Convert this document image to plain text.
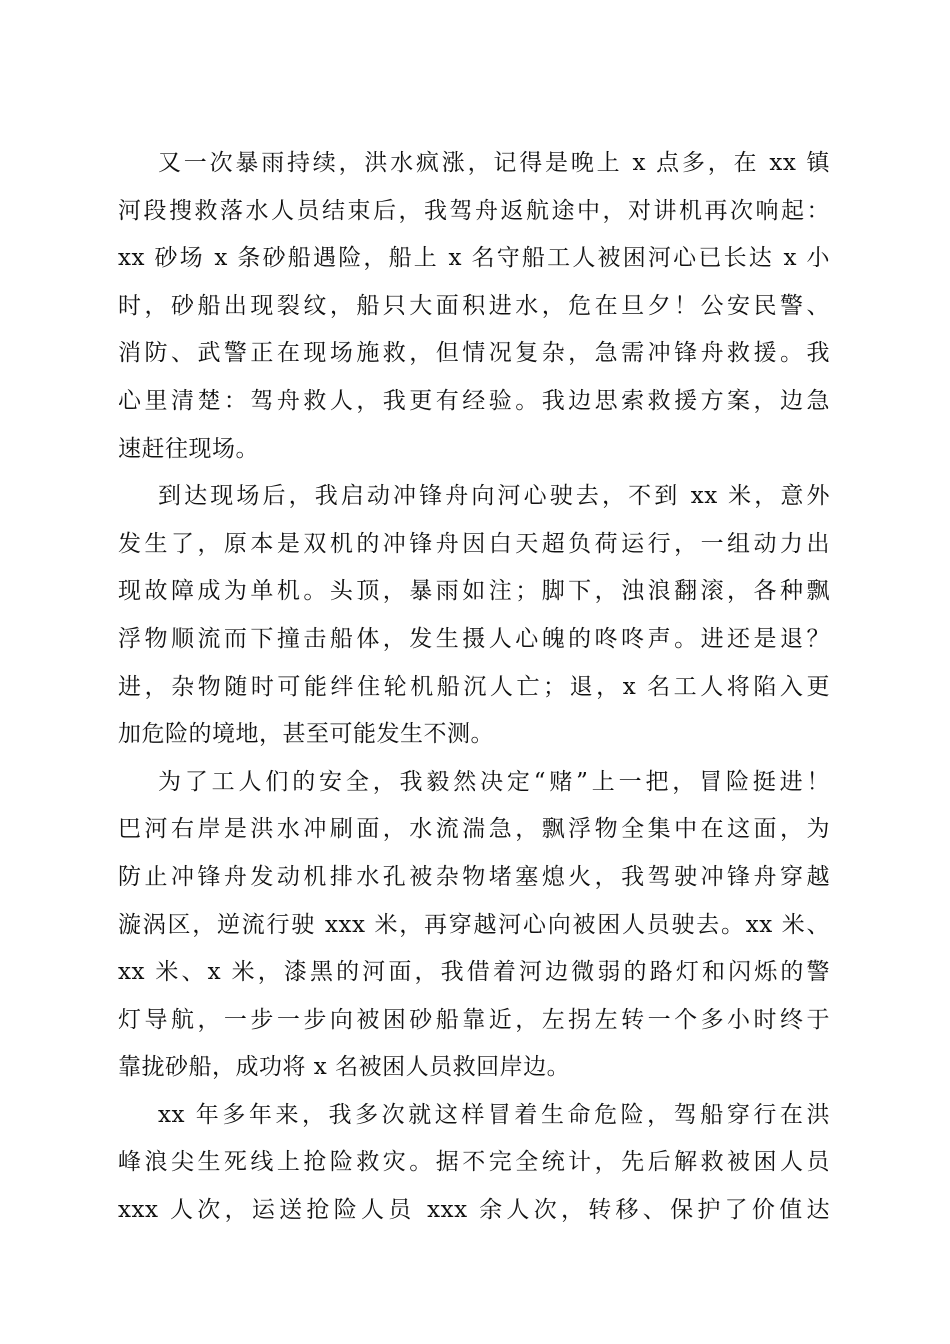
又一次暴雨持续，洪水疯涨，记得是晚上 x 点多，在 xx 镇
河段搜救落水人员结束后，我驾舟返航途中，对讲机再次响起：
xx 砂场 x 条砂船遇险，船上 x 名守船工人被困河心已长达 x 小
时，砂船出现裂纹，船只大面积进水，危在旦夕！公安民警、
消防、武警正在现场施救，但情况复杂，急需冲锋舟救援。我
心里清楚：驾舟救人，我更有经验。我边思索救援方案，边急
速赶往现场。
到达现场后，我启动冲锋舟向河心驶去，不到 xx 米，意外
发生了，原本是双机的冲锋舟因白天超负荷运行，一组动力出
现故障成为单机。头顶，暴雨如注；脚下，浊浪翻滚，各种飘
浮物顺流而下撞击船体，发生摄人心魄的咚咚声。进还是退？
进，杂物随时可能绊住轮机船沉人亡；退，x 名工人将陷入更
加危险的境地，甚至可能发生不测。
为了工人们的安全，我毅然决定“赌”上一把，冒险挺进！
巴河右岸是洪水冲刷面，水流湍急，飘浮物全集中在这面，为
防止冲锋舟发动机排水孔被杂物堵塞熄火，我驾驶冲锋舟穿越
漩涡区，逆流行驶 xxx 米，再穿越河心向被困人员驶去。xx 米、
xx 米、x 米，漆黑的河面，我借着河边微弱的路灯和闪烁的警
灯导航，一步一步向被困砂船靠近，左拐左转一个多小时终于
靠拢砂船，成功将 x 名被困人员救回岸边。
xx 年多年来，我多次就这样冒着生命危险，驾船穿行在洪
峰浪尖生死线上抢险救灾。据不完全统计，先后解救被困人员
xxx 人次，运送抢险人员 xxx 余人次，转移、保护了价值达
